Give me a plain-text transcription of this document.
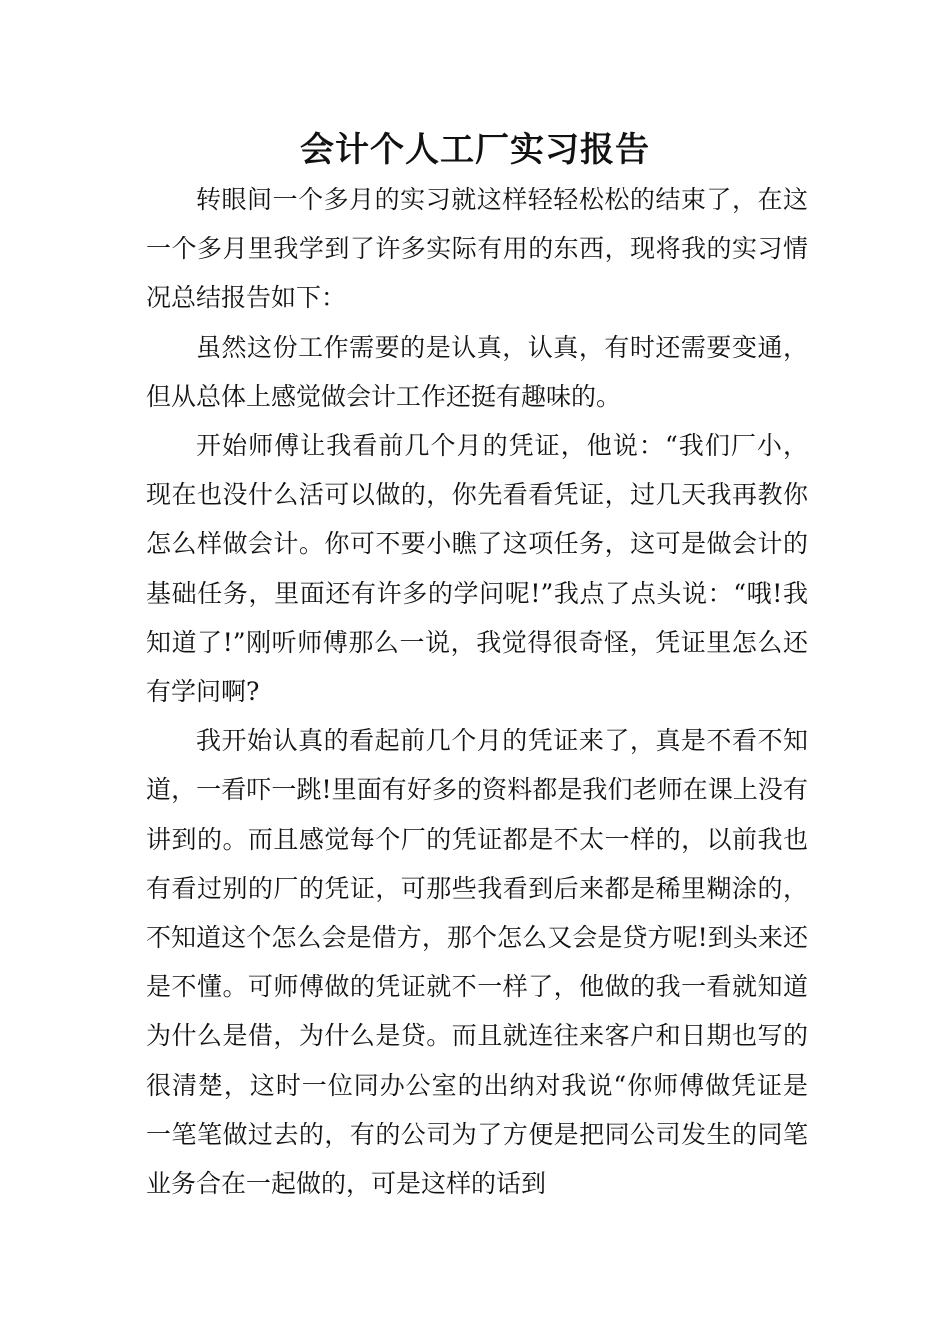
会计个人工厂实习报告

转眼间一个多月的实习就这样轻轻松松的结束了，在这一个多月里我学到了许多实际有用的东西，现将我的实习情况总结报告如下：

虽然这份工作需要的是认真，认真，有时还需要变通，但从总体上感觉做会计工作还挺有趣味的。

开始师傅让我看前几个月的凭证，他说：“我们厂小，现在也没什么活可以做的，你先看看凭证，过几天我再教你怎么样做会计。你可不要小瞧了这项任务，这可是做会计的基础任务，里面还有许多的学问呢!”我点了点头说：“哦!我知道了!”刚听师傅那么一说，我觉得很奇怪，凭证里怎么还有学问啊?

我开始认真的看起前几个月的凭证来了，真是不看不知道，一看吓一跳!里面有好多的资料都是我们老师在课上没有讲到的。而且感觉每个厂的凭证都是不太一样的，以前我也有看过别的厂的凭证，可那些我看到后来都是稀里糊涂的，不知道这个怎么会是借方，那个怎么又会是贷方呢!到头来还是不懂。可师傅做的凭证就不一样了，他做的我一看就知道为什么是借，为什么是贷。而且就连往来客户和日期也写的很清楚，这时一位同办公室的出纳对我说“你师傅做凭证是一笔笔做过去的，有的公司为了方便是把同公司发生的同笔业务合在一起做的，可是这样的话到
